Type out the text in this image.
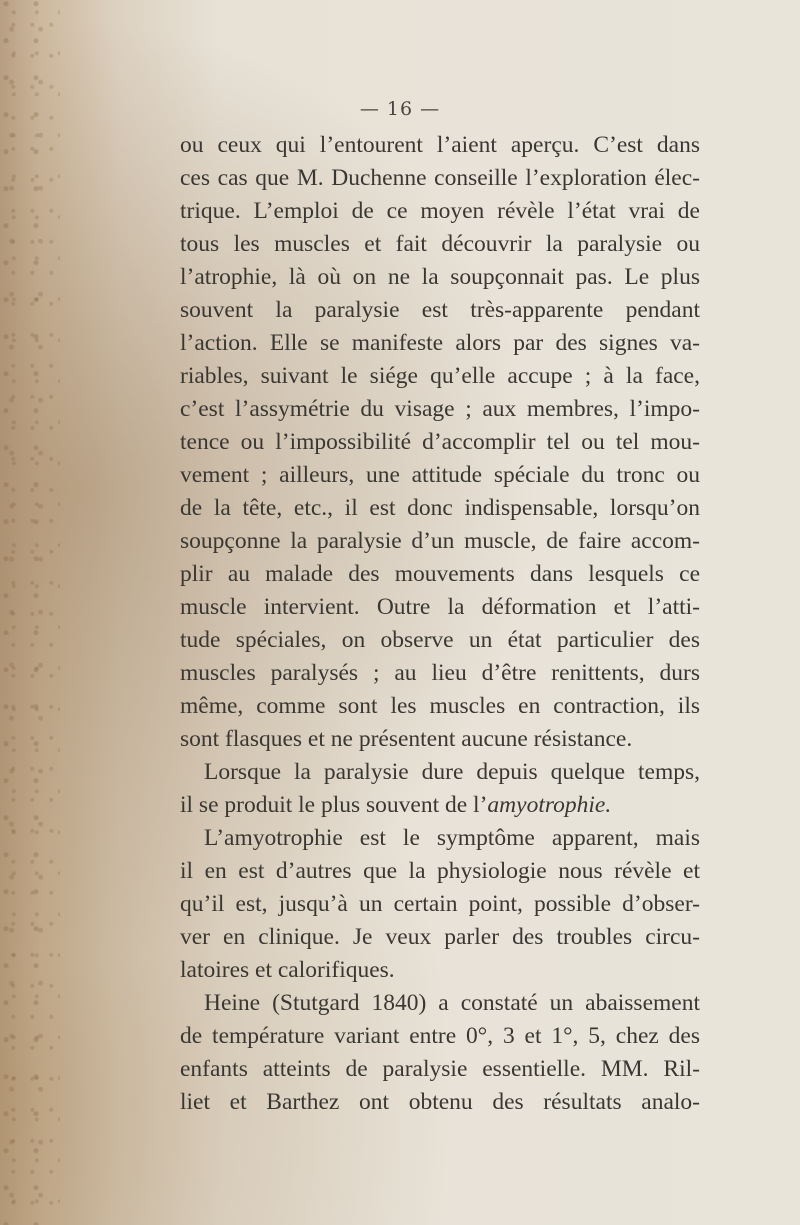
— 16 —
ou ceux qui l’entourent l’aient aperçu. C’est dans
ces cas que M. Duchenne conseille l’exploration élec-
trique. L’emploi de ce moyen révèle l’état vrai de
tous les muscles et fait découvrir la paralysie ou
l’atrophie, là où on ne la soupçonnait pas. Le plus
souvent la paralysie est très-apparente pendant
l’action. Elle se manifeste alors par des signes va-
riables, suivant le siége qu’elle accupe ; à la face,
c’est l’assymétrie du visage ; aux membres, l’impo-
tence ou l’impossibilité d’accomplir tel ou tel mou-
vement ; ailleurs, une attitude spéciale du tronc ou
de la tête, etc., il est donc indispensable, lorsqu’on
soupçonne la paralysie d’un muscle, de faire accom-
plir au malade des mouvements dans lesquels ce
muscle intervient. Outre la déformation et l’atti-
tude spéciales, on observe un état particulier des
muscles paralysés ; au lieu d’être renittents, durs
même, comme sont les muscles en contraction, ils
sont flasques et ne présentent aucune résistance.
Lorsque la paralysie dure depuis quelque temps,
il se produit le plus souvent de l’amyotrophie.
L’amyotrophie est le symptôme apparent, mais
il en est d’autres que la physiologie nous révèle et
qu’il est, jusqu’à un certain point, possible d’obser-
ver en clinique. Je veux parler des troubles circu-
latoires et calorifiques.
Heine (Stutgard 1840) a constaté un abaissement
de température variant entre 0°, 3 et 1°, 5, chez des
enfants atteints de paralysie essentielle. MM. Ril-
liet et Barthez ont obtenu des résultats analo-
